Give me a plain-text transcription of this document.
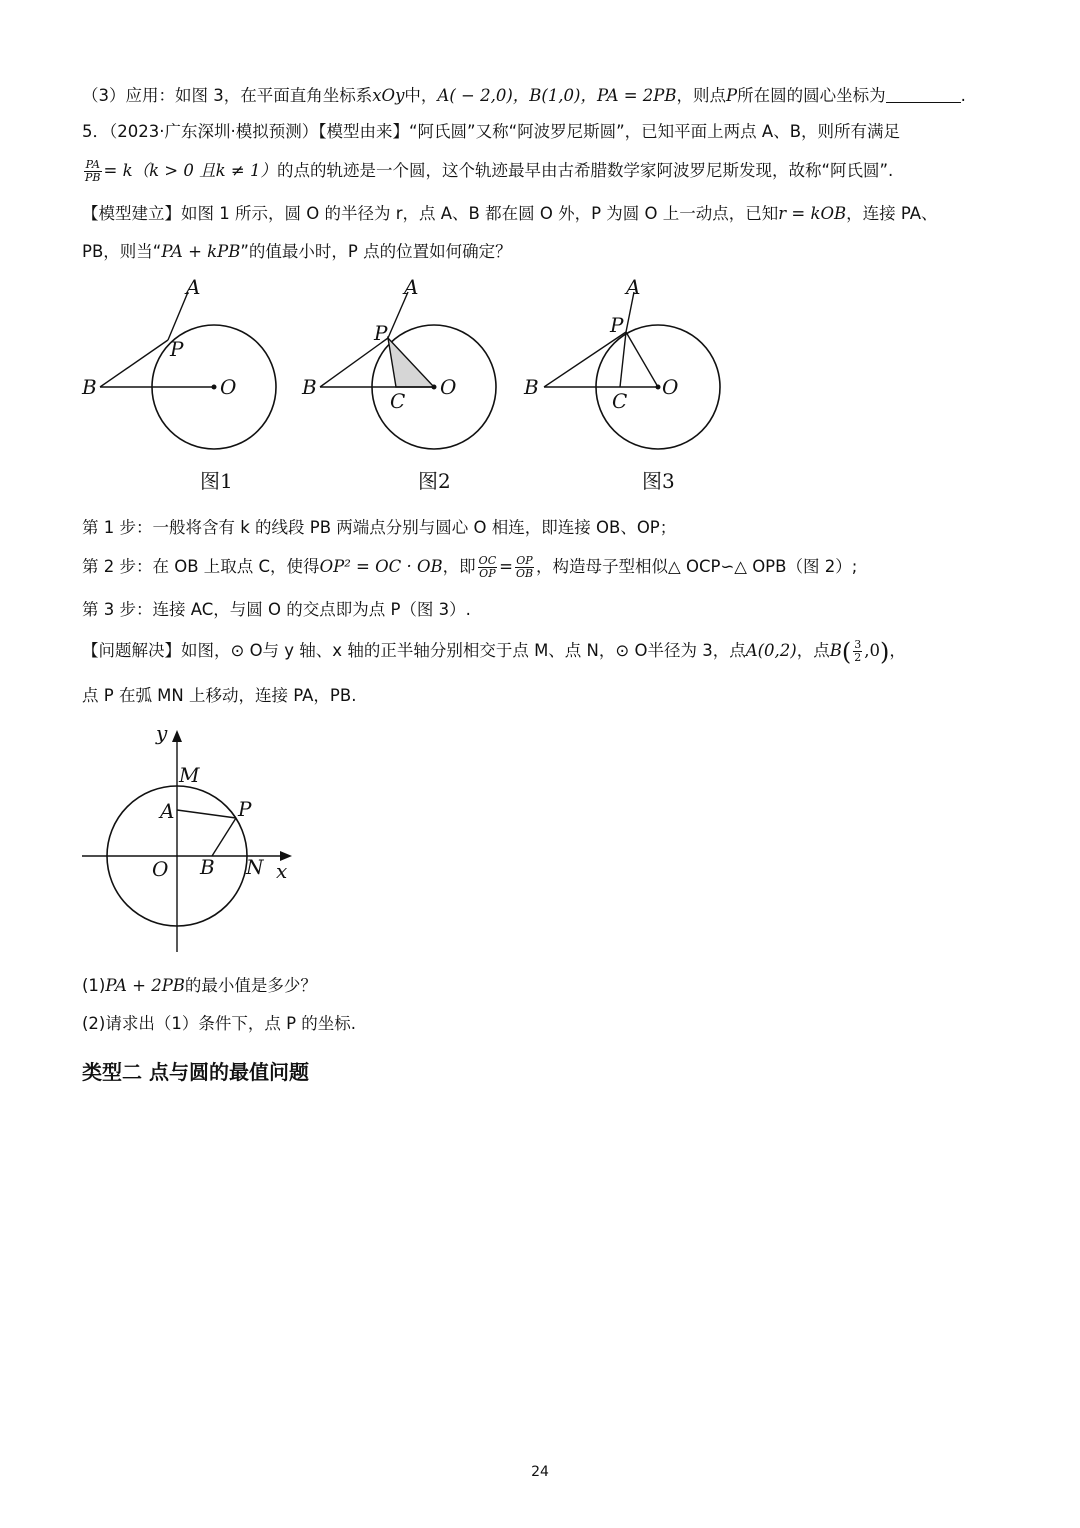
（3）应用：如图 3，在平面直角坐标系xOy中，A( − 2,0)，B(1,0)，PA = 2PB，则点P所在圆的圆心坐标为	.
5．（2023·广东深圳·模拟预测）【模型由来】“阿氏圆”又称“阿波罗尼斯圆”，已知平面上两点 A、B，则所有满足
$\frac{PA}{PB} = k(k > 0$ 且k ≠ 1）的点的轨迹是一个圆，这个轨迹最早由古希腊数学家阿波罗尼斯发现，故称“阿氏圆”.
【模型建立】如图 1 所示，圆 O 的半径为 r，点 A、B 都在圆 O 外，P 为圆 O 上一动点，已知r = kOB，连接 PA、
PB，则当“PA + kPB”的值最小时，P 点的位置如何确定？
A
P
B	O
图1
A
P
B	O
C
图2
A
P
B	O
C
图3
第 1 步：一般将含有 k 的线段 PB 两端点分别与圆心 O 相连，即连接 OB、OP；
第 2 步：在 OB 上取点 C，使得OP² = OC · OB，即 $\frac{OC}{OP} = \frac{OP}{OB}$ ，构造母子型相似△ OCP∽△ OPB（图 2）;
第 3 步：连接 AC，与圆 O 的交点即为点 P（图 3）.
【问题解决】如图，⊙ O与 y 轴、x 轴的正半轴分别相交于点 M、点 N，⊙ O半径为 3，点A(0,2)，点$B( \frac{3}{2} ,0)$，
点 P 在弧 MN 上移动，连接 PA，PB.
y
x
M
A	P
O B N
(1)PA + 2PB的最小值是多少？
(2)请求出（1）条件下，点 P 的坐标.
类型二 点与圆的最值问题
24
